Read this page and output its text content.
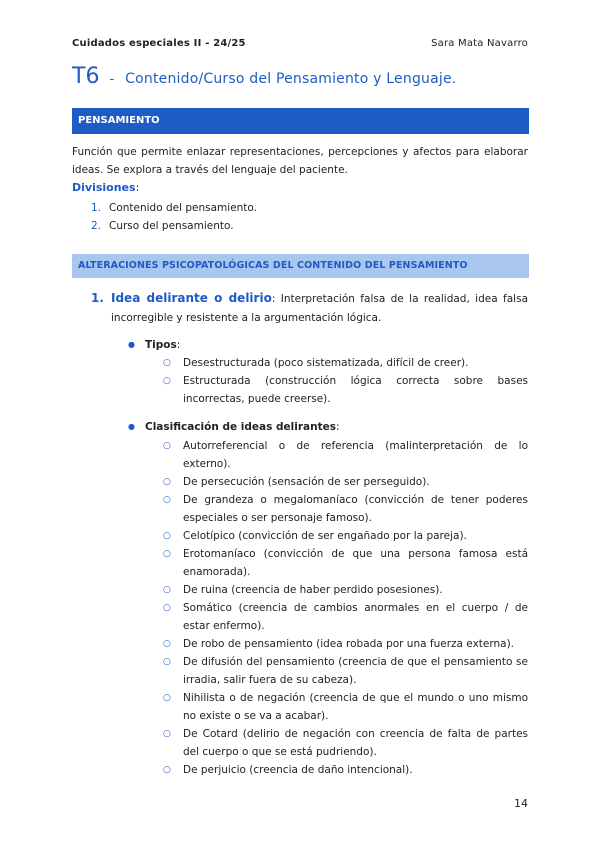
Cuidados especiales II - 24/25	Sara Mata Navarro
T6 - Contenido/Curso del Pensamiento y Lenguaje.
PENSAMIENTO
Función que permite enlazar representaciones, percepciones y afectos para elaborar ideas. Se explora a través del lenguaje del paciente.
Divisiones:
1. Contenido del pensamiento.
2. Curso del pensamiento.
ALTERACIONES PSICOPATOLÓGICAS DEL CONTENIDO DEL PENSAMIENTO
1. Idea delirante o delirio: Interpretación falsa de la realidad, idea falsa incorregible y resistente a la argumentación lógica.
● Tipos:
○	Desestructurada (poco sistematizada, difícil de creer).
○	Estructurada (construcción lógica correcta sobre bases incorrectas, puede creerse).
● Clasificación de ideas delirantes:
○	Autorreferencial o de referencia (malinterpretación de lo externo).
○	De persecución (sensación de ser perseguido).
○	De grandeza o megalomaníaco (convicción de tener poderes especiales o ser personaje famoso).
○	Celotípico (convicción de ser engañado por la pareja).
○	Erotomaníaco (convicción de que una persona famosa está enamorada).
○	De ruina (creencia de haber perdido posesiones).
○	Somático (creencia de cambios anormales en el cuerpo / de estar enfermo).
○	De robo de pensamiento (idea robada por una fuerza externa).
○	De difusión del pensamiento (creencia de que el pensamiento se irradia, salir fuera de su cabeza).
○	Nihilista o de negación (creencia de que el mundo o uno mismo no existe o se va a acabar).
○	De Cotard (delirio de negación con creencia de falta de partes del cuerpo o que se está pudriendo).
○	De perjuicio (creencia de daño intencional).
14
